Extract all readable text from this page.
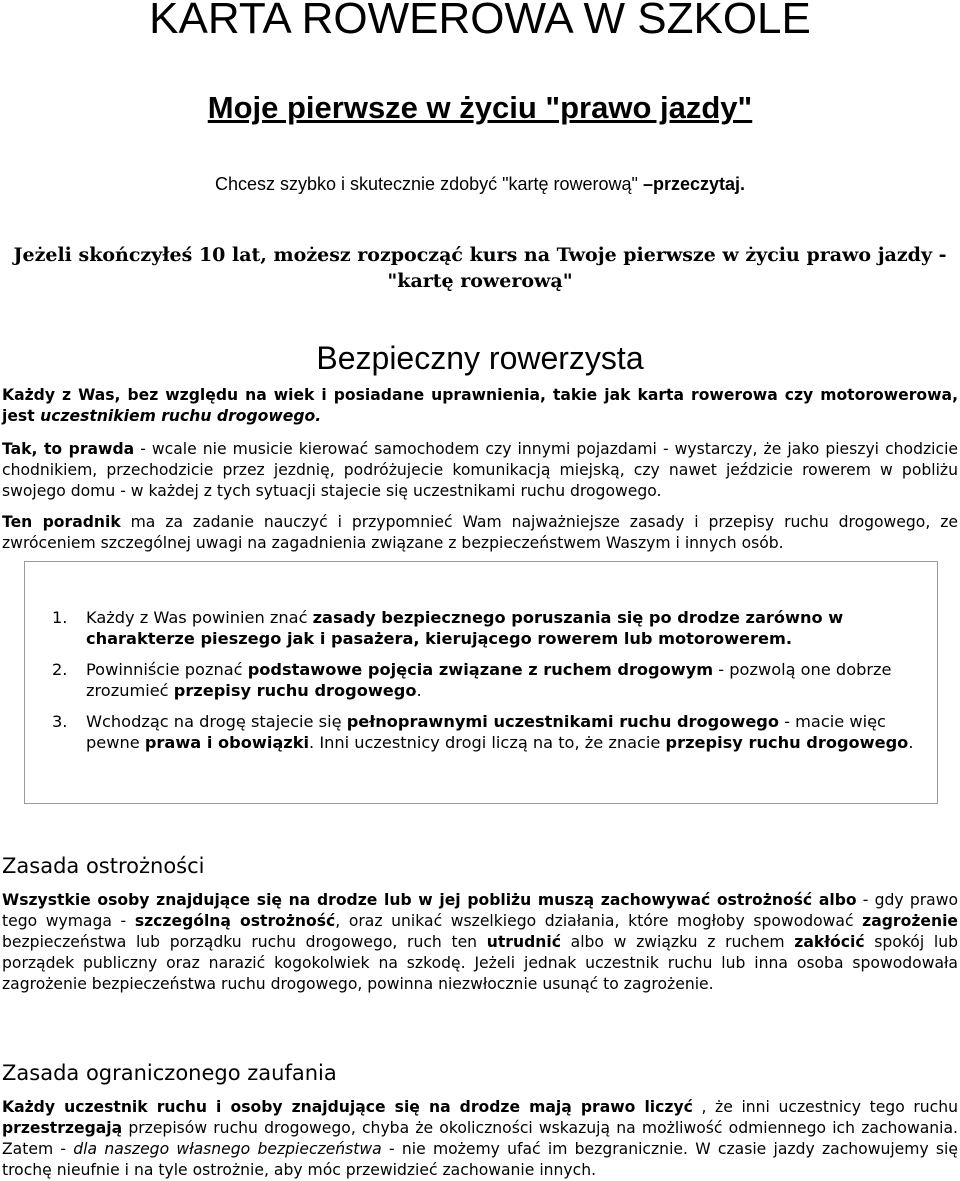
KARTA ROWEROWA W SZKOLE
Moje pierwsze w życiu "prawo jazdy"
Chcesz szybko i skutecznie zdobyć "kartę rowerową" –przeczytaj.
Jeżeli skończyłeś 10 lat, możesz rozpocząć kurs na Twoje pierwsze w życiu prawo jazdy - "kartę rowerową"
Bezpieczny rowerzysta
Każdy z Was, bez względu na wiek i posiadane uprawnienia, takie jak karta rowerowa czy motorowerowa, jest uczestnikiem ruchu drogowego.
Tak, to prawda - wcale nie musicie kierować samochodem czy innymi pojazdami - wystarczy, że jako pieszyi chodzicie chodnikiem, przechodzicie przez jezdnię, podróżujecie komunikacją miejską, czy nawet jeździcie rowerem w pobliżu swojego domu - w każdej z tych sytuacji stajecie się uczestnikami ruchu drogowego.
Ten poradnik ma za zadanie nauczyć i przypomnieć Wam najważniejsze zasady i przepisy ruchu drogowego, ze zwróceniem szczególnej uwagi na zagadnienia związane z bezpieczeństwem Waszym i innych osób.
1. Każdy z Was powinien znać zasady bezpiecznego poruszania się po drodze zarówno w charakterze pieszego jak i pasażera, kierującego rowerem lub motorowerem.
2. Powinniście poznać podstawowe pojęcia związane z ruchem drogowym - pozwolą one dobrze zrozumieć przepisy ruchu drogowego.
3. Wchodząc na drogę stajecie się pełnoprawnymi uczestnikami ruchu drogowego - macie więc pewne prawa i obowiązki. Inni uczestnicy drogi liczą na to, że znacie przepisy ruchu drogowego.
Zasada ostrożności
Wszystkie osoby znajdujące się na drodze lub w jej pobliżu muszą zachowywać ostrożność albo - gdy prawo tego wymaga - szczególną ostrożność, oraz unikać wszelkiego działania, które mogłoby spowodować zagrożenie bezpieczeństwa lub porządku ruchu drogowego, ruch ten utrudnić albo w związku z ruchem zakłócić spokój lub porządek publiczny oraz narazić kogokolwiek na szkodę. Jeżeli jednak uczestnik ruchu lub inna osoba spowodowała zagrożenie bezpieczeństwa ruchu drogowego, powinna niezwłocznie usunąć to zagrożenie.
Zasada ograniczonego zaufania
Każdy uczestnik ruchu i osoby znajdujące się na drodze mają prawo liczyć , że inni uczestnicy tego ruchu przestrzegają przepisów ruchu drogowego, chyba że okoliczności wskazują na możliwość odmiennego ich zachowania. Zatem - dla naszego własnego bezpieczeństwa - nie możemy ufać im bezgranicznie. W czasie jazdy zachowujemy się trochę nieufnie i na tyle ostrożnie, aby móc przewidzieć zachowanie innych.
